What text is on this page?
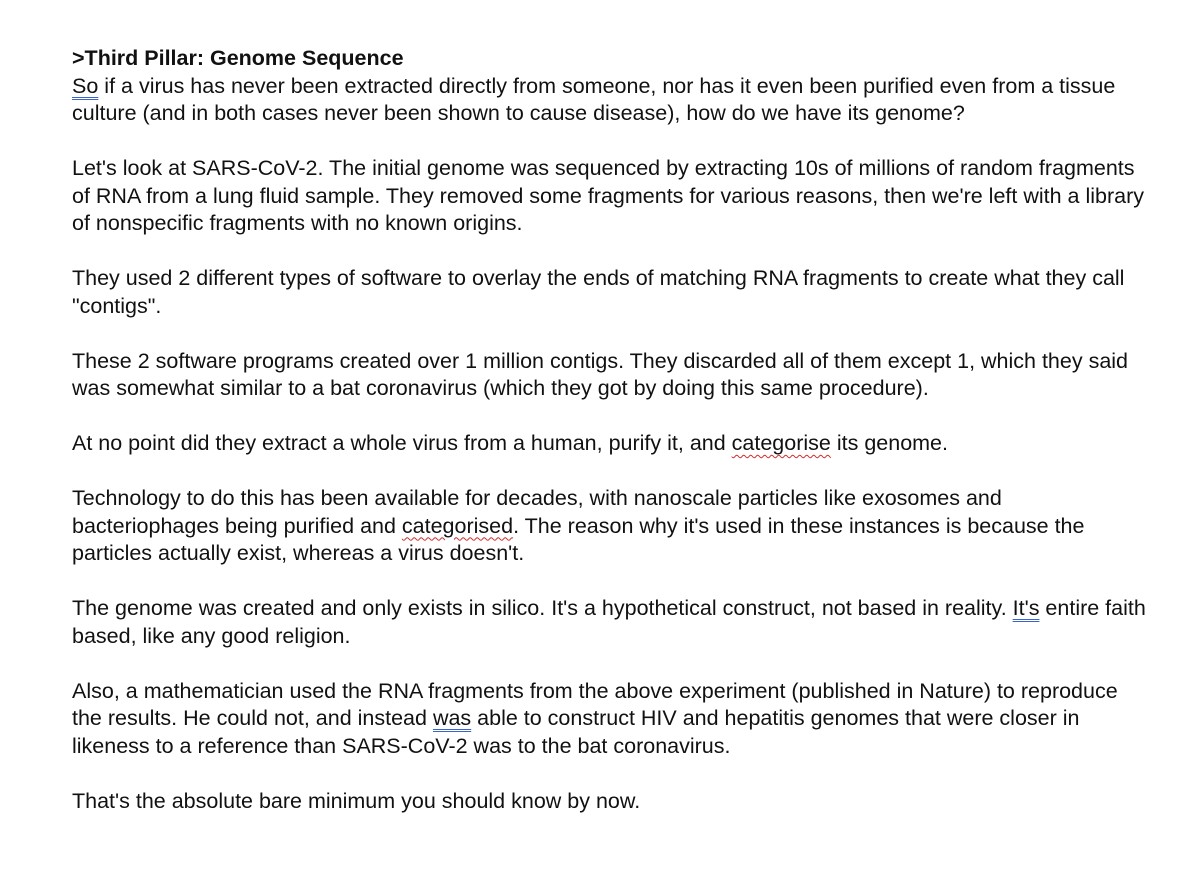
>Third Pillar: Genome Sequence

So if a virus has never been extracted directly from someone, nor has it even been purified even from a tissue culture (and in both cases never been shown to cause disease), how do we have its genome?

Let's look at SARS-CoV-2. The initial genome was sequenced by extracting 10s of millions of random fragments of RNA from a lung fluid sample. They removed some fragments for various reasons, then we're left with a library of nonspecific fragments with no known origins.

They used 2 different types of software to overlay the ends of matching RNA fragments to create what they call "contigs".

These 2 software programs created over 1 million contigs. They discarded all of them except 1, which they said was somewhat similar to a bat coronavirus (which they got by doing this same procedure).

At no point did they extract a whole virus from a human, purify it, and categorise its genome.

Technology to do this has been available for decades, with nanoscale particles like exosomes and bacteriophages being purified and categorised. The reason why it's used in these instances is because the particles actually exist, whereas a virus doesn't.

The genome was created and only exists in silico. It's a hypothetical construct, not based in reality. It's entire faith based, like any good religion.

Also, a mathematician used the RNA fragments from the above experiment (published in Nature) to reproduce the results. He could not, and instead was able to construct HIV and hepatitis genomes that were closer in likeness to a reference than SARS-CoV-2 was to the bat coronavirus.

That's the absolute bare minimum you should know by now.
